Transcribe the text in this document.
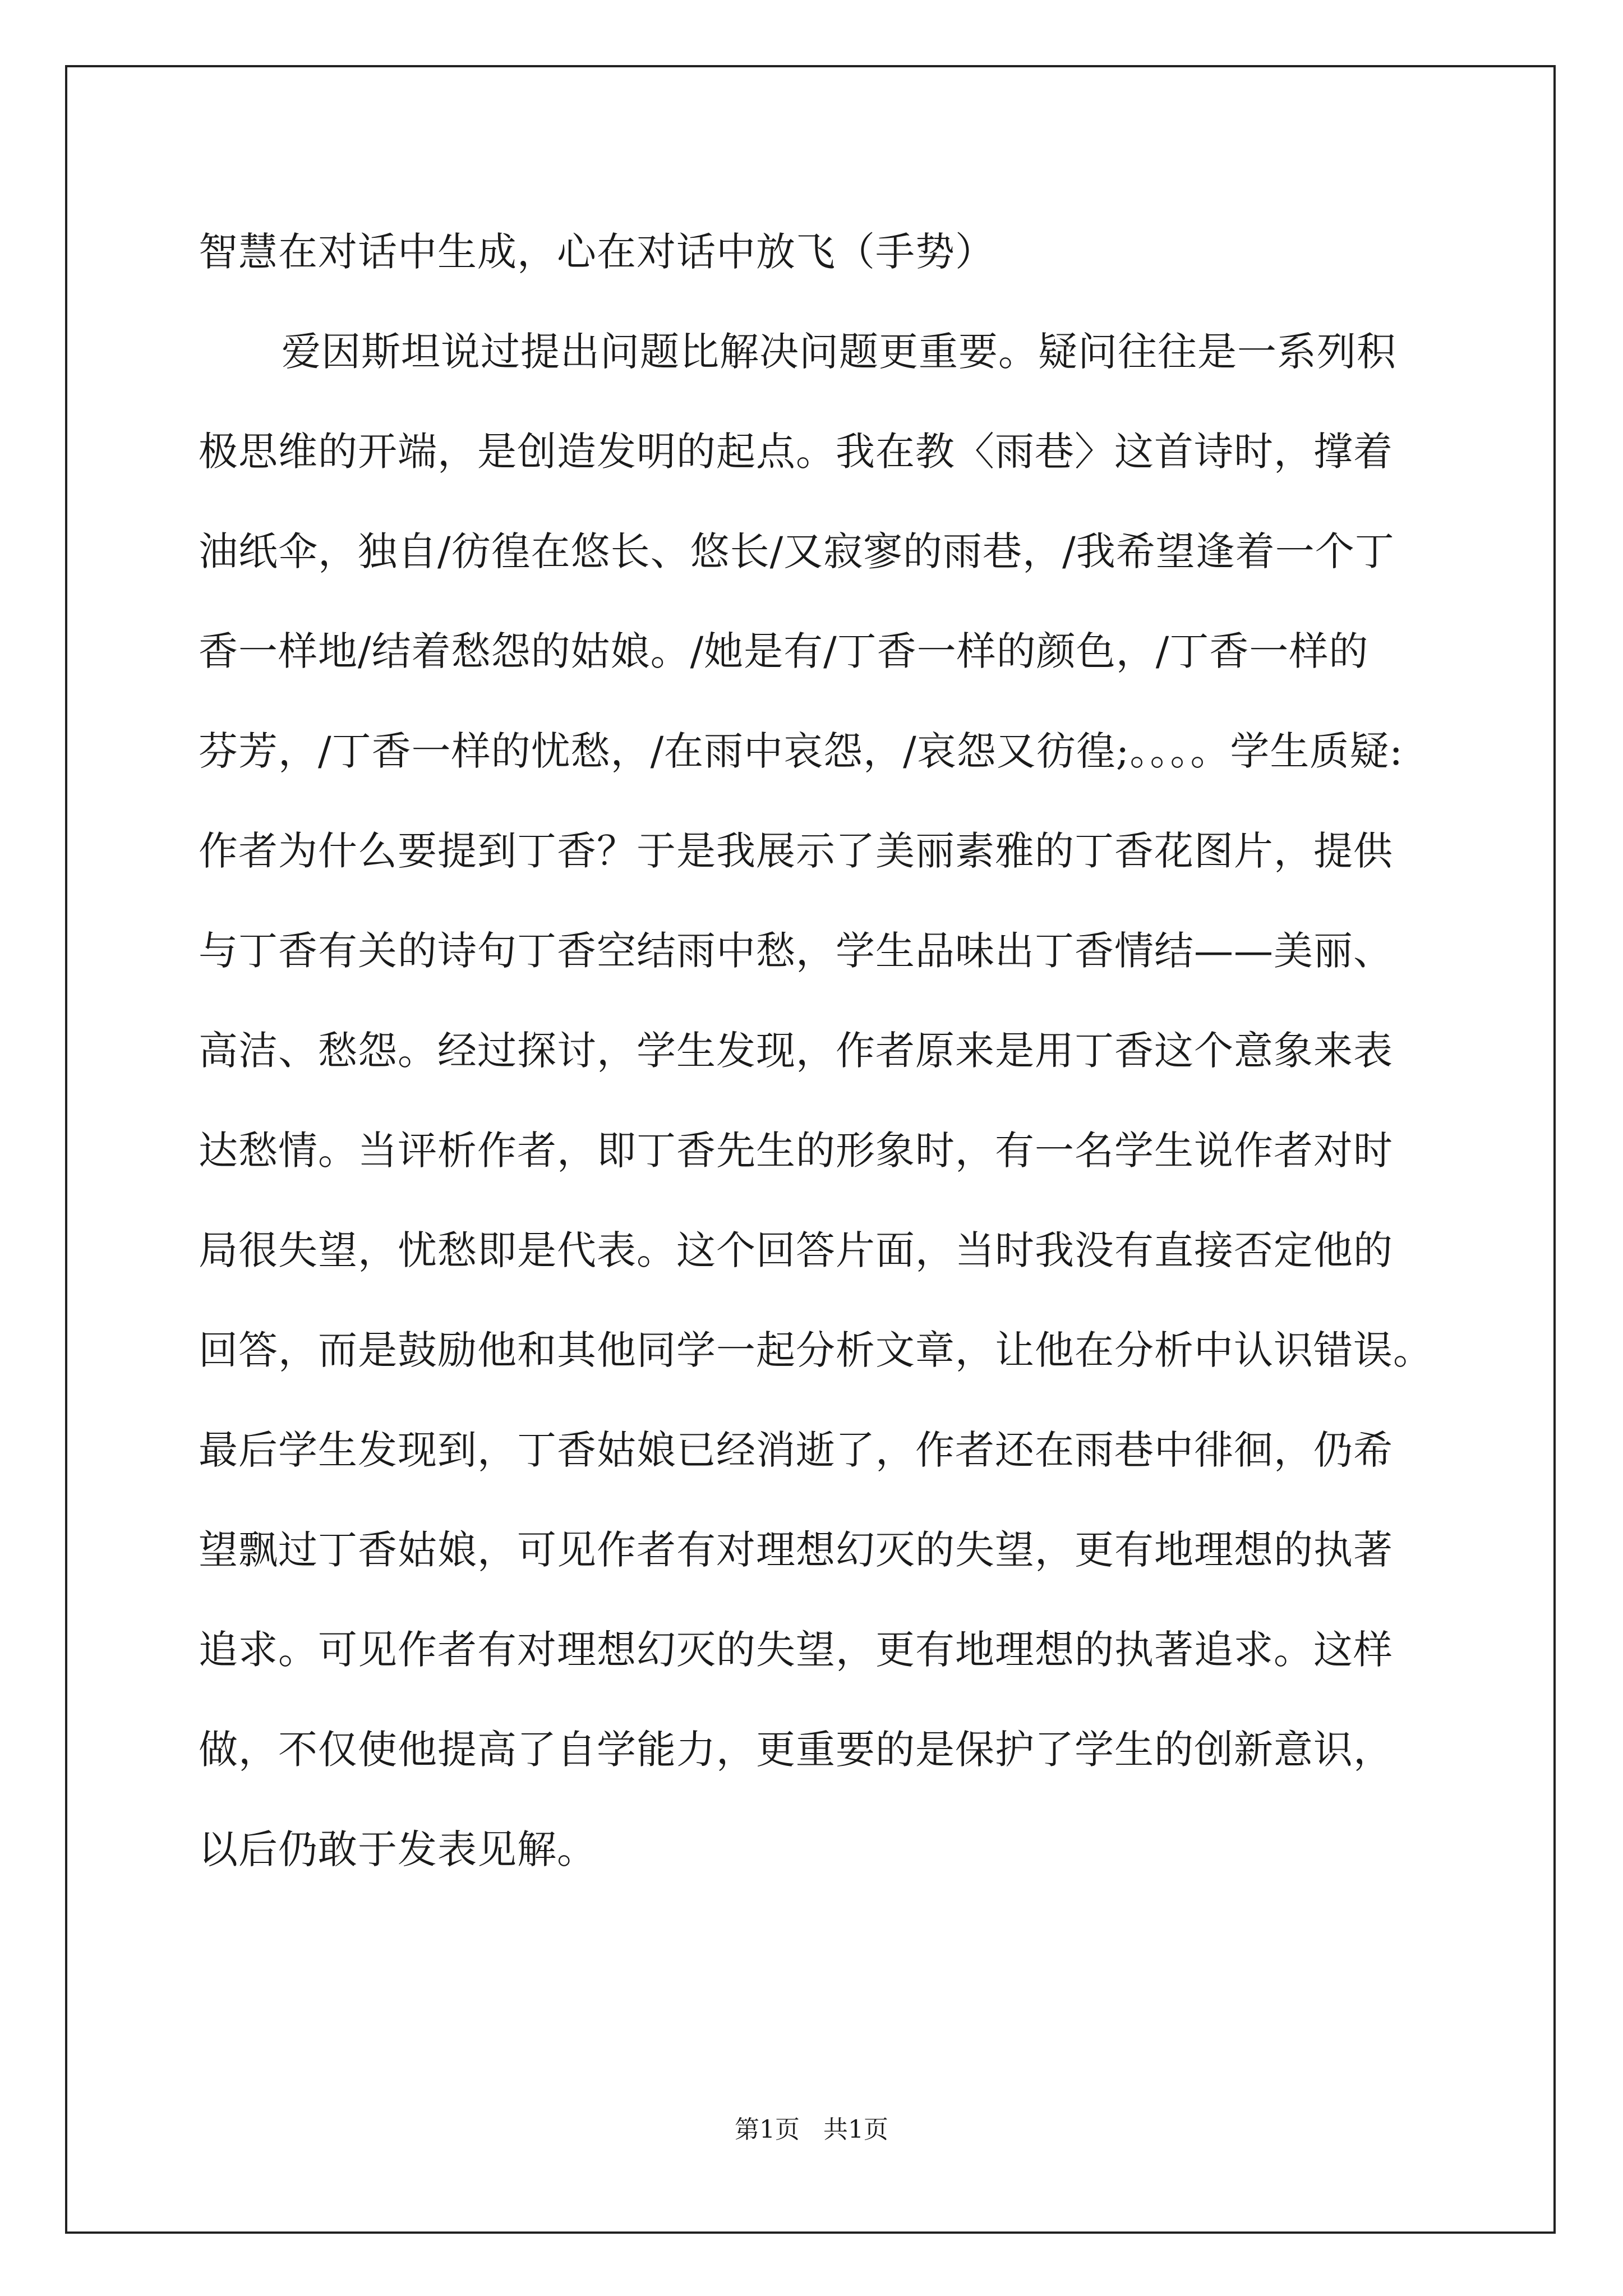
智慧在对话中生成，心在对话中放飞（手势）
爱因斯坦说过提出问题比解决问题更重要。疑问往往是一系列积
极思维的开端，是创造发明的起点。我在教〈雨巷〉这首诗时，撑着
油纸伞，独自/彷徨在悠长、悠长/又寂寥的雨巷，/我希望逢着一个丁
香一样地/结着愁怨的姑娘。/她是有/丁香一样的颜色，/丁香一样的
芬芳，/丁香一样的忧愁，/在雨中哀怨，/哀怨又彷徨;。。。。学生质疑:
作者为什么要提到丁香？于是我展示了美丽素雅的丁香花图片，提供
与丁香有关的诗句丁香空结雨中愁，学生品味出丁香情结——美丽、
高洁、愁怨。经过探讨，学生发现，作者原来是用丁香这个意象来表
达愁情。当评析作者，即丁香先生的形象时，有一名学生说作者对时
局很失望，忧愁即是代表。这个回答片面，当时我没有直接否定他的
回答，而是鼓励他和其他同学一起分析文章，让他在分析中认识错误。
最后学生发现到，丁香姑娘已经消逝了，作者还在雨巷中徘徊，仍希
望飘过丁香姑娘，可见作者有对理想幻灭的失望，更有地理想的执著
追求。可见作者有对理想幻灭的失望，更有地理想的执著追求。这样
做，不仅使他提高了自学能力，更重要的是保护了学生的创新意识，
以后仍敢于发表见解。
第1页   共1页
